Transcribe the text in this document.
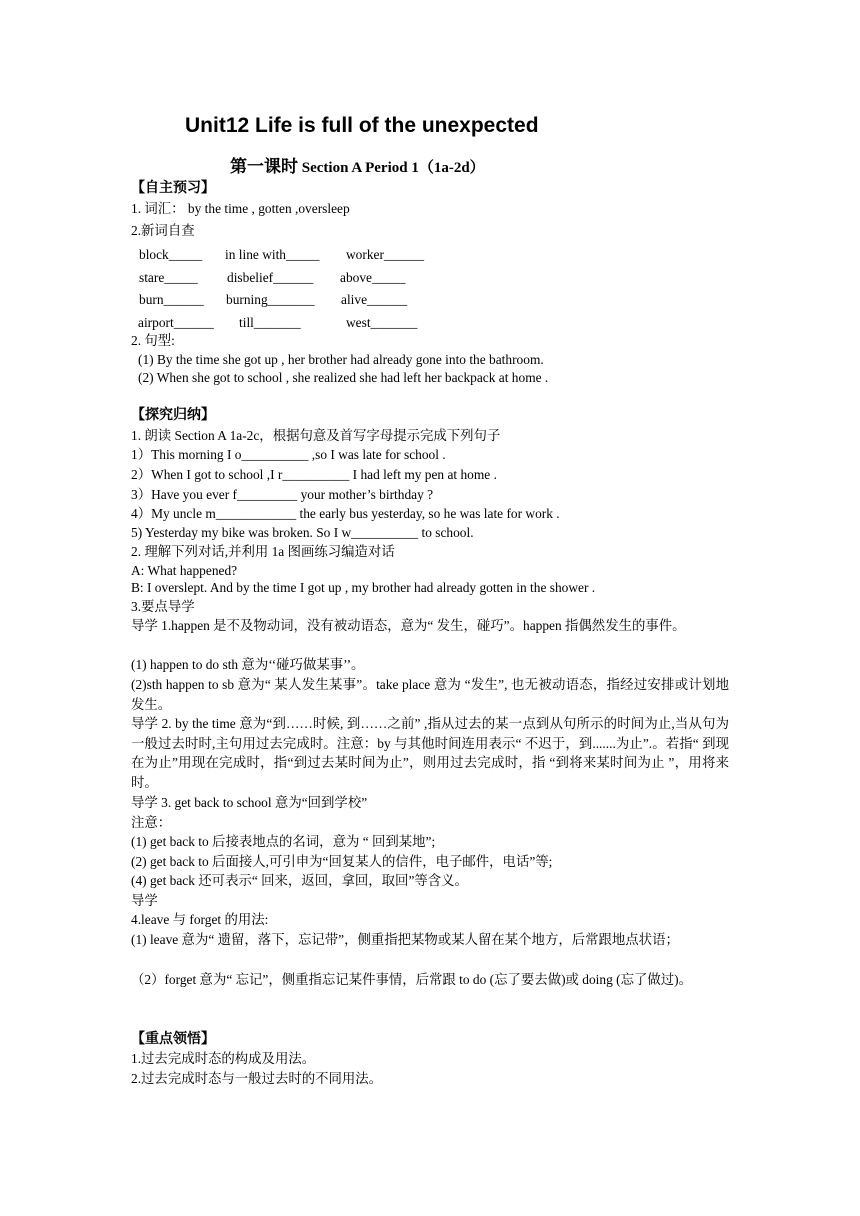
Unit12 Life is full of the unexpected
第一课时 Section A Period 1（1a-2d）
【自主预习】
1. 词汇： by the time , gotten ,oversleep
2.新词自查
block_____ in line with_____ worker______
stare_____ disbelief______ above_____
burn______ burning_______ alive______
airport______ till_______	west_______
2. 句型:
(1) By the time she got up , her brother had already gone into the bathroom.
(2) When she got to school , she realized she had left her backpack at home .
【探究归纳】
1. 朗读 Section A 1a-2c，根据句意及首写字母提示完成下列句子
1）This morning I o__________ ,so I was late for school .
2）When I got to school ,I r__________ I had left my pen at home .
3）Have you ever f_________ your mother’s birthday ?
4）My uncle m____________ the early bus yesterday, so he was late for work .
5) Yesterday my bike was broken. So I w__________ to school.
2. 理解下列对话,并利用 1a 图画练习编造对话
A: What happened?
B: I overslept. And by the time I got up , my brother had already gotten in the shower .
3.要点导学
导学 1.happen 是不及物动词，没有被动语态，意为“ 发生，碰巧”。happen 指偶然发生的事件。
(1) happen to do sth 意为‘‘碰巧做某事’’。
(2)sth happen to sb 意为“ 某人发生某事”。take place 意为 “发生”, 也无被动语态，指经过安排或计划地发生。
导学 2. by the time 意为“到……时候, 到……之前” ,指从过去的某一点到从句所示的时间为止,当从句为一般过去时时,主句用过去完成时。注意：by 与其他时间连用表示“ 不迟于，到.......为止”.。若指“ 到现在为止”用现在完成时，指“到过去某时间为止”，则用过去完成时，指 “到将来某时间为止 ”，用将来时。
导学 3. get back to school 意为“回到学校”
注意：
(1) get back to 后接表地点的名词，意为 “ 回到某地”;
(2) get back to 后面接人,可引申为“回复某人的信件，电子邮件，电话”等;
(4) get back 还可表示“ 回来，返回，拿回，取回”等含义。
导学
4.leave 与 forget 的用法:
(1) leave 意为“ 遗留，落下，忘记带”，侧重指把某物或某人留在某个地方，后常跟地点状语；
（2）forget 意为“ 忘记”，侧重指忘记某件事情，后常跟 to do (忘了要去做)或 doing (忘了做过)。
【重点领悟】
1.过去完成时态的构成及用法。
2.过去完成时态与一般过去时的不同用法。
